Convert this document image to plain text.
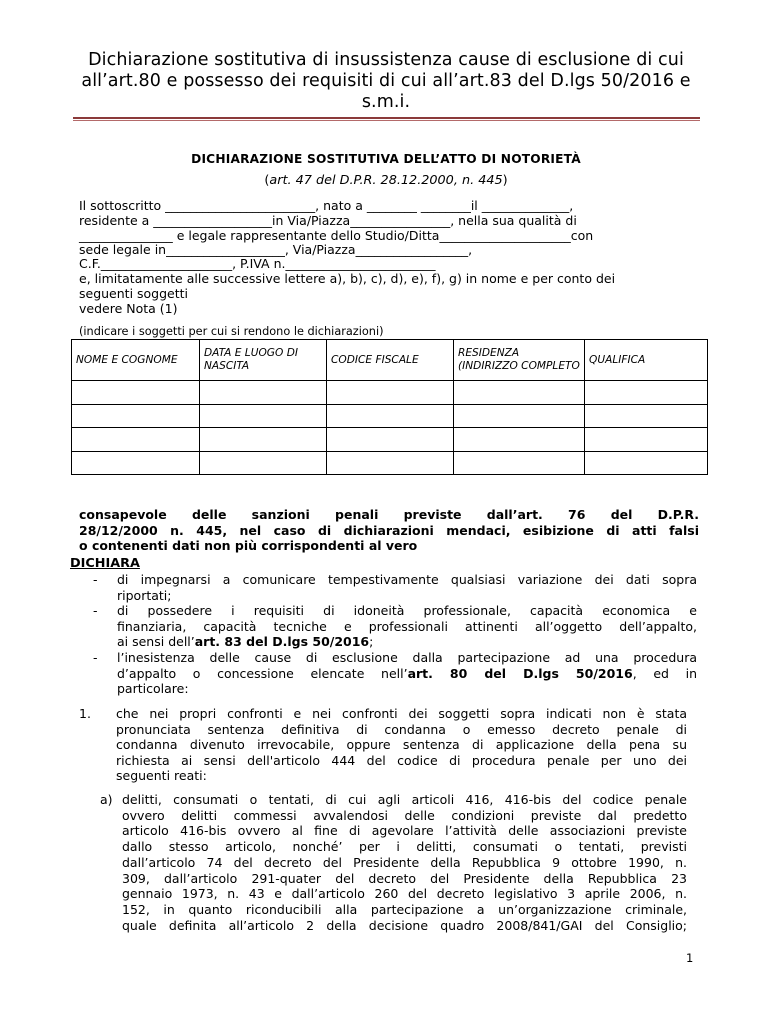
Dichiarazione sostitutiva di insussistenza cause di esclusione di cui
all’art.80 e possesso dei requisiti di cui all’art.83 del D.lgs 50/2016 e
s.m.i.
DICHIARAZIONE SOSTITUTIVA DELL’ATTO DI NOTORIETÀ
(art. 47 del D.P.R. 28.12.2000, n. 445)
Il sottoscritto ________________________, nato a ________ ________il ______________,
residente a ___________________in Via/Piazza________________, nella sua qualità di
_______________ e legale rappresentante dello Studio/Ditta_____________________con
sede legale in___________________, Via/Piazza__________________,
C.F._____________________, P.IVA n.________________________
e, limitatamente alle successive lettere a), b), c), d), e), f), g) in nome e per conto dei
seguenti soggetti
vedere Nota (1)
(indicare i soggetti per cui si rendono le dichiarazioni)
NOME E COGNOME	DATA E LUOGO DI NASCITA	CODICE FISCALE	RESIDENZA (INDIRIZZO COMPLETO	QUALIFICA

consapevole delle sanzioni penali previste dall’art. 76 del D.P.R.
28/12/2000 n. 445, nel caso di dichiarazioni mendaci, esibizione di atti falsi
o contenenti dati non più corrispondenti al vero
DICHIARA
- di impegnarsi a comunicare tempestivamente qualsiasi variazione dei dati sopra
riportati;
- di possedere i requisiti di idoneità professionale, capacità economica e
finanziaria, capacità tecniche e professionali attinenti all’oggetto dell’appalto,
ai sensi dell’art. 83 del D.lgs 50/2016;
- l’inesistenza delle cause di esclusione dalla partecipazione ad una procedura
d’appalto o concessione elencate nell’art. 80 del D.lgs 50/2016, ed in
particolare:
1. che nei propri confronti e nei confronti dei soggetti sopra indicati non è stata
pronunciata sentenza definitiva di condanna o emesso decreto penale di
condanna divenuto irrevocabile, oppure sentenza di applicazione della pena su
richiesta ai sensi dell'articolo 444 del codice di procedura penale per uno dei
seguenti reati:
a) delitti, consumati o tentati, di cui agli articoli 416, 416-bis del codice penale
ovvero delitti commessi avvalendosi delle condizioni previste dal predetto
articolo 416-bis ovvero al fine di agevolare l’attività delle associazioni previste
dallo stesso articolo, nonché’ per i delitti, consumati o tentati, previsti
dall’articolo 74 del decreto del Presidente della Repubblica 9 ottobre 1990, n.
309, dall’articolo 291-quater del decreto del Presidente della Repubblica 23
gennaio 1973, n. 43 e dall’articolo 260 del decreto legislativo 3 aprile 2006, n.
152, in quanto riconducibili alla partecipazione a un’organizzazione criminale,
quale definita all’articolo 2 della decisione quadro 2008/841/GAI del Consiglio;
1
